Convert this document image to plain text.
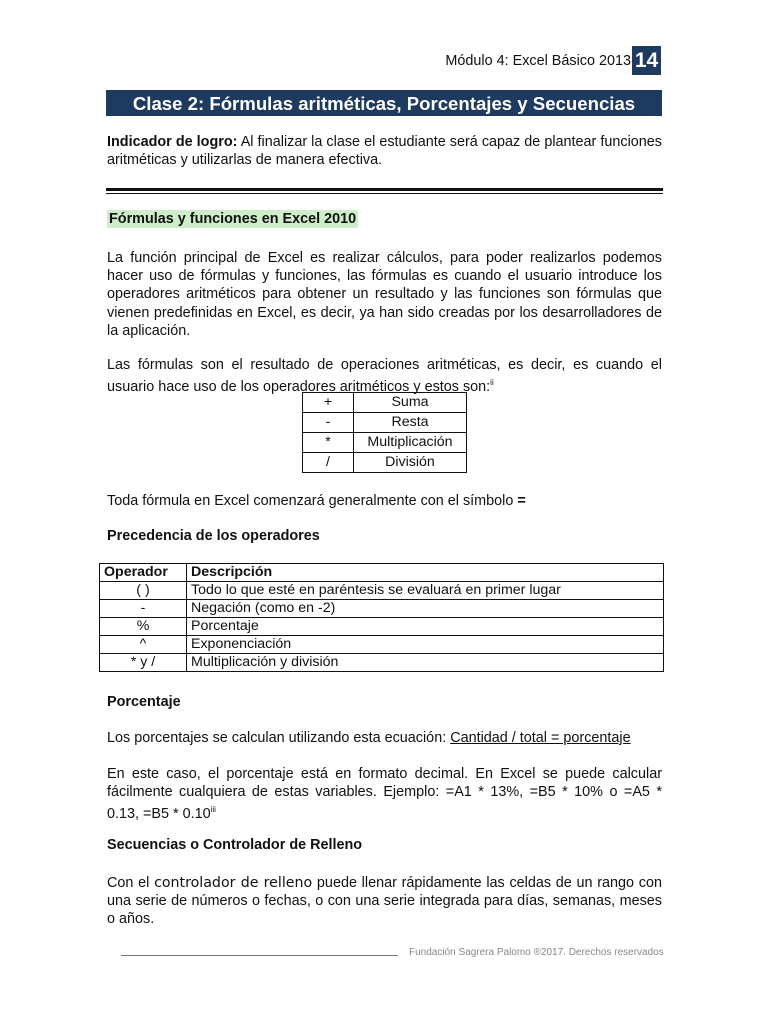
Módulo 4: Excel Básico 2013 14
Clase 2: Fórmulas aritméticas, Porcentajes y Secuencias
Indicador de logro: Al finalizar la clase el estudiante será capaz de plantear funciones aritméticas y utilizarlas de manera efectiva.
Fórmulas y funciones en Excel 2010
La función principal de Excel es realizar cálculos, para poder realizarlos podemos hacer uso de fórmulas y funciones, las fórmulas es cuando el usuario introduce los operadores aritméticos para obtener un resultado y las funciones son fórmulas que vienen predefinidas en Excel, es decir, ya han sido creadas por los desarrolladores de la aplicación.
Las fórmulas son el resultado de operaciones aritméticas, es decir, es cuando el usuario hace uso de los operadores aritméticos y estos son:$^{ii}$
+	Suma
-	Resta
*	Multiplicación
/	División
Toda fórmula en Excel comenzará generalmente con el símbolo =
Precedencia de los operadores
Operador	Descripción
( )	Todo lo que esté en paréntesis se evaluará en primer lugar
-	Negación (como en -2)
%	Porcentaje
^	Exponenciación
* y /	Multiplicación y división
Porcentaje
Los porcentajes se calculan utilizando esta ecuación: Cantidad / total = porcentaje
En este caso, el porcentaje está en formato decimal. En Excel se puede calcular fácilmente cualquiera de estas variables. Ejemplo: =A1 * 13%, =B5 * 10% o =A5 * 0.13, =B5 * 0.10$^{iii}$
Secuencias o Controlador de Relleno
Con el controlador de relleno puede llenar rápidamente las celdas de un rango con una serie de números o fechas, o con una serie integrada para días, semanas, meses o años.
Fundación Sagrera Palomo ®2017. Derechos reservados
